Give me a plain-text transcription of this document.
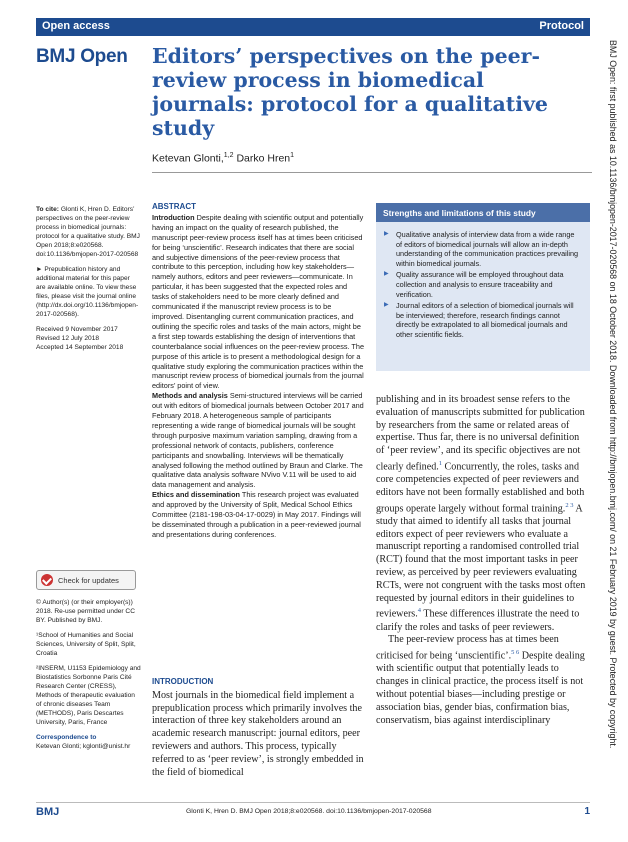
Open access	Protocol
BMJ Open Editors’ perspectives on the peer-review process in biomedical journals: protocol for a qualitative study
Ketevan Glonti,$^{1,2}$ Darko Hren$^1$

To cite: Glonti K, Hren D. Editors’ perspectives on the peer-review process in biomedical journals: protocol for a qualitative study. BMJ Open 2018;8:e020568. doi:10.1136/bmjopen-2017-020568

► Prepublication history and additional material for this paper are available online. To view these files, please visit the journal online (http://dx.doi.org/10.1136/bmjopen-2017-020568).

Received 9 November 2017
Revised 12 July 2018
Accepted 14 September 2018

Check for updates

© Author(s) (or their employer(s)) 2018. Re-use permitted under CC BY. Published by BMJ.

¹School of Humanities and Social Sciences, University of Split, Split, Croatia

²INSERM, U1153 Epidemiology and Biostatistics Sorbonne Paris Cité Research Center (CRESS), Methods of therapeutic evaluation of chronic diseases Team (METHODS), Paris Descartes University, Paris, France

Correspondence to
Ketevan Glonti; kglonti@unist.hr

ABSTRACT

Introduction Despite dealing with scientific output and potentially having an impact on the quality of research published, the manuscript peer-review process itself has at times been criticised for being ‘unscientific’. Research indicates that there are social and subjective dimensions of the peer-review process that contribute to this perception, including how key stakeholders—namely authors, editors and peer reviewers—communicate. In particular, it has been suggested that the expected roles and tasks of stakeholders need to be more clearly defined and communicated if the manuscript review process is to be improved. Disentangling current communication practices, and outlining the specific roles and tasks of the main actors, might be a first step towards establishing the design of interventions that counterbalance social influences on the peer-review process. The purpose of this article is to present a methodological design for a qualitative study exploring the communication practices within the manuscript review process of biomedical journals from the journal editors’ point of view.

Methods and analysis Semi-structured interviews will be carried out with editors of biomedical journals between October 2017 and February 2018. A heterogeneous sample of participants representing a wide range of biomedical journals will be sought through purposive maximum variation sampling, drawing from a professional network of contacts, publishers, conference participants and snowballing. Interviews will be thematically analysed following the method outlined by Braun and Clarke. The qualitative data analysis software NVivo V.11 will be used to aid data management and analysis.

Ethics and dissemination This research project was evaluated and approved by the University of Split, Medical School Ethics Committee (2181-198-03-04-17-0029) in May 2017. Findings will be disseminated through a publication in a peer-reviewed journal and presentations during conferences.

INTRODUCTION

Most journals in the biomedical field implement a prepublication process which primarily involves the interaction of three key stakeholders around an academic research manuscript: journal editors, peer reviewers and authors. This process, typically referred to as ‘peer review’, is strongly embedded in the field of biomedical

Strengths and limitations of this study
▶ Qualitative analysis of interview data from a wide range of editors of biomedical journals will allow an in-depth understanding of the communication practices prevailing within biomedical journals.
▶ Quality assurance will be employed throughout data collection and analysis to ensure traceability and verification.
▶ Journal editors of a selection of biomedical journals will be interviewed; therefore, research findings cannot directly be extrapolated to all biomedical journals and other scientific fields.

publishing and in its broadest sense refers to the evaluation of manuscripts submitted for publication by researchers from the same or related areas of expertise. Thus far, there is no universal definition of ‘peer review’, and its specific objectives are not clearly defined.$^1$ Concurrently, the roles, tasks and core competencies expected of peer reviewers and editors have not been formally established and both groups operate largely without formal training.$^{2 3}$ A study that aimed to identify all tasks that journal editors expect of peer reviewers who evaluate a manuscript reporting a randomised controlled trial (RCT) found that the most important tasks in peer review, as perceived by peer reviewers evaluating RCTs, were not congruent with the tasks most often requested by journal editors in their guidelines to reviewers.$^4$ These differences illustrate the need to clarify the roles and tasks of peer reviewers.

The peer-review process has at times been criticised for being ‘unscientific’.$^{5 6}$ Despite dealing with scientific output that potentially leads to changes in clinical practice, the process itself is not without potential biases—including prestige or association bias, gender bias, confirmation bias, conservatism, bias against interdisciplinary	BMJ Open: first published as 10.1136/bmjopen-2017-020568 on 18 October 2018. Downloaded from http://bmjopen.bmj.com/ on 21 February 2019 by guest. Protected by copyright.
BMJ	Glonti K, Hren D. BMJ Open 2018;8:e020568. doi:10.1136/bmjopen-2017-020568	1
